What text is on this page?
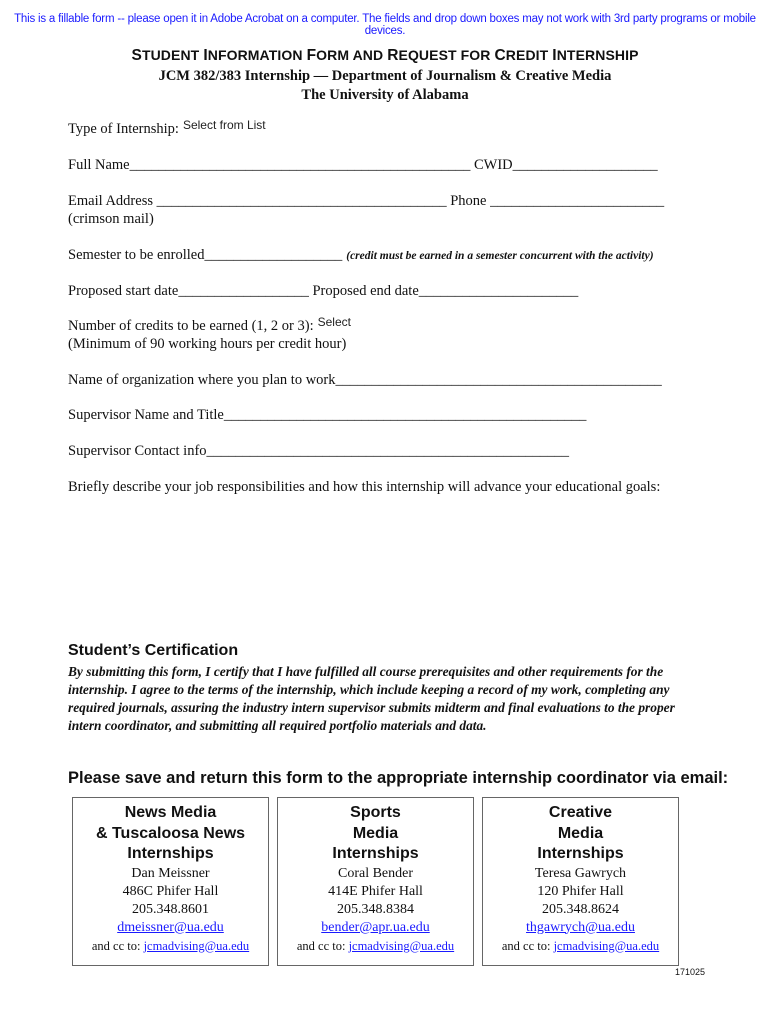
This is a fillable form -- please open it in Adobe Acrobat on a computer. The fields and drop down boxes may not work with 3rd party programs or mobile devices.
STUDENT INFORMATION FORM AND REQUEST FOR CREDIT INTERNSHIP
JCM 382/383 Internship — Department of Journalism & Creative Media
The University of Alabama
Type of Internship: $^{Select from List}$
Full Name_______________________________________________ CWID____________________
Email Address ________________________________________ Phone ________________________
(crimson mail)
Semester to be enrolled___________________ (credit must be earned in a semester concurrent with the activity)
Proposed start date__________________ Proposed end date______________________
Number of credits to be earned (1, 2 or 3): $^{Select}$
(Minimum of 90 working hours per credit hour)
Name of organization where you plan to work_____________________________________________
Supervisor Name and Title__________________________________________________
Supervisor Contact info__________________________________________________
Briefly describe your job responsibilities and how this internship will advance your educational goals:
Student’s Certification
By submitting this form, I certify that I have fulfilled all course prerequisites and other requirements for the internship. I agree to the terms of the internship, which include keeping a record of my work, completing any required journals, assuring the industry intern supervisor submits midterm and final evaluations to the proper intern coordinator, and submitting all required portfolio materials and data.
Please save and return this form to the appropriate internship coordinator via email:
News Media
& Tuscaloosa News
Internships
Dan Meissner
486C Phifer Hall
205.348.8601
dmeissner@ua.edu
and cc to: jcmadvising@ua.edu
Sports
Media
Internships
Coral Bender
414E Phifer Hall
205.348.8384
bender@apr.ua.edu
and cc to: jcmadvising@ua.edu
Creative
Media
Internships
Teresa Gawrych
120 Phifer Hall
205.348.8624
thgawrych@ua.edu
and cc to: jcmadvising@ua.edu
171025
